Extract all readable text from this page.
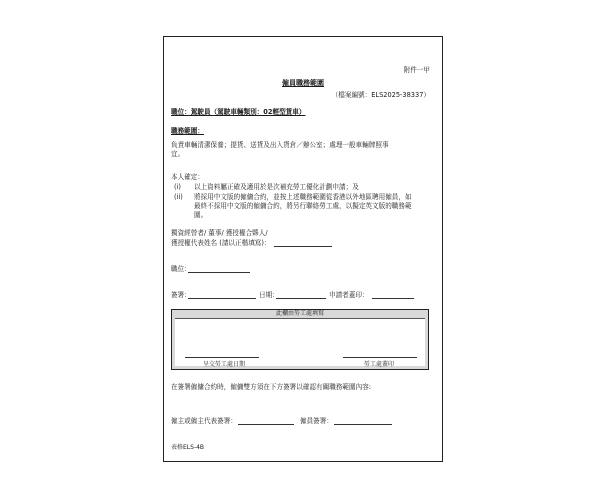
附件一甲
僱員職務範圍
（檔案編號：ELS2025-38337）
職位：駕駛員（駕駛車輛類別：02輕型貨車）
職務範圍：
負責車輛清潔保養；提貨、送貨及出入貨倉／辦公室；處理一般車輛牌照事
宜。
本人確定：
(i) 以上資料屬正確及適用於是次補充勞工優化計劃申請；及
(ii) 將採用中文版的僱傭合約，並按上述職務範圍從香港以外地區聘用僱員，如
最終不採用中文版的僱傭合約，將另行聯絡勞工處，以擬定英文版的職務範
圍。
獨資經營者/ 董事/ 獲授權合夥人/
獲授權代表姓名 (請以正楷填寫)：
職位：
簽署：	日期：	申請者蓋印：
此欄由勞工處填寫
呈交勞工處日期	勞工處蓋印
在簽署僱傭合約時，僱傭雙方須在下方簽署以確認有關職務範圍內容:
僱主或僱主代表簽署：	僱員簽署：
表格ELS-4B
